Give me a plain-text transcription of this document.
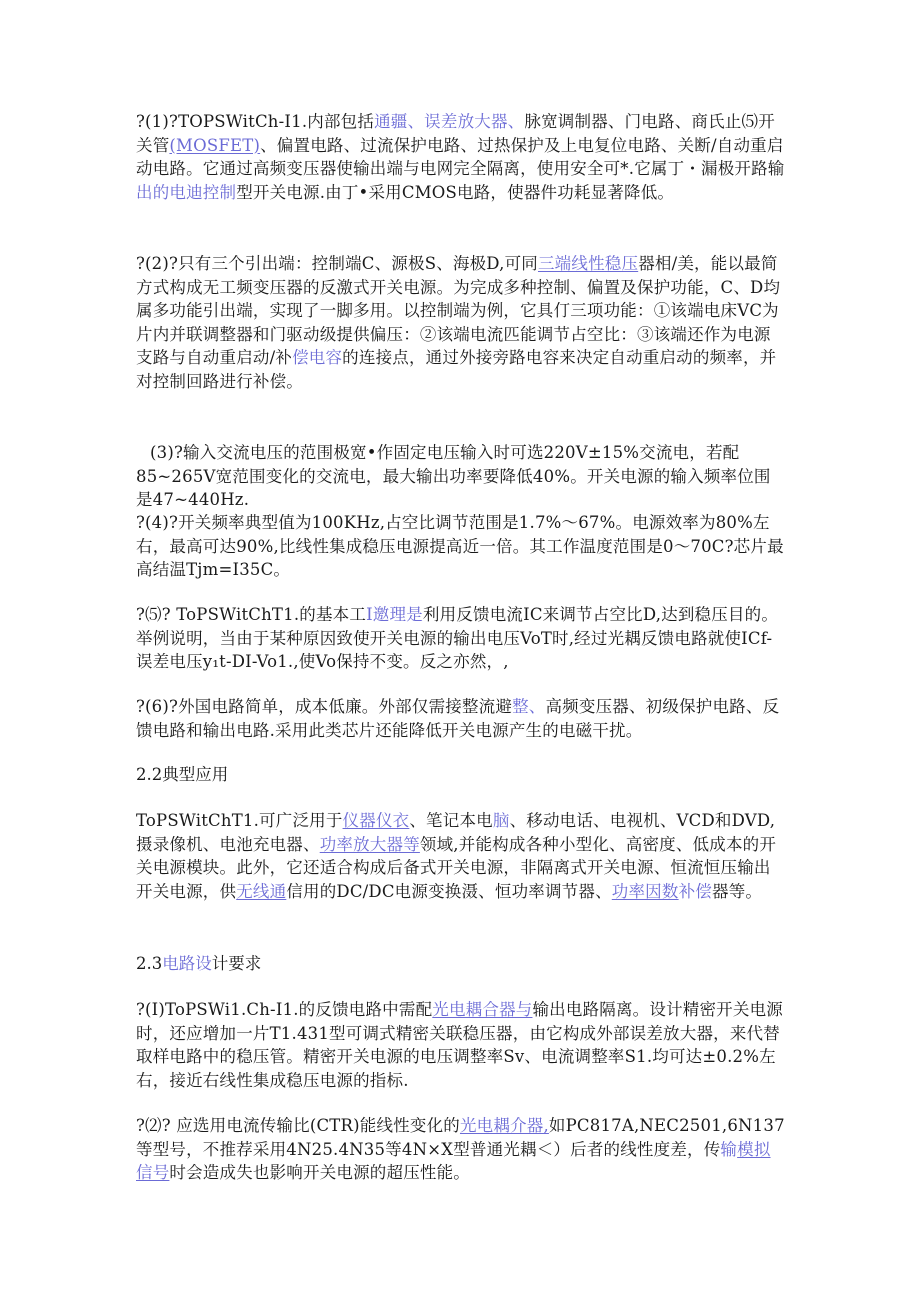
?(1)?TOPSWitCh-I1.内部包括通疆、误差放大器、脉宽调制器、门电路、商氏止⑸开关管(MOSFET)、偏置电路、过流保护电路、过热保护及上电复位电路、关断/自动重启动电路。它通过高频变压器使输出端与电网完全隔离，使用安全可*.它属丁・漏极开路输出的电迪控制型开关电源.由丁•采用CMOS电路，使器件功耗显著降低。

?(2)?只有三个引出端：控制端C、源极S、海极D,可同三端线性稳压器相/美，能以最简方式构成无工频变压器的反激式开关电源。为完成多种控制、偏置及保护功能，C、D均属多功能引出端，实现了一脚多用。以控制端为例，它具仃三项功能：①该端电床VC为片内并联调整器和门驱动级提供偏压：②该端电流匹能调节占空比：③该端还作为电源支路与自动重启动/补偿电容的连接点，通过外接旁路电容来决定自动重启动的频率，并对控制回路进行补偿。

(3)?输入交流电压的范围极宽•作固定电压输入时可选220V±15%交流电，若配85~265V宽范围变化的交流电，最大输出功率要降低40%。开关电源的输入频率位围是47~440Hz.

?(4)?开关频率典型值为100KHz,占空比调节范围是1.7%～67%。电源效率为80%左右，最高可达90%,比线性集成稳压电源提高近一倍。其工作温度范围是0～70C?芯片最高结温Tjm=I35C。

?⑸? ToPSWitChT1.的基本工I邀理是利用反馈电流IC来调节占空比D,达到稳压目的。举例说明，当由于某种原因致使开关电源的输出电压VoT时,经过光耦反馈电路就使ICf-误差电压y₁t-DI-Vo1.,使Vo保持不变。反之亦然，,

?(6)?外国电路简单，成本低廉。外部仅需接整流避整、高频变压器、初级保护电路、反馈电路和输出电路.采用此类芯片还能降低开关电源产生的电磁干扰。

2.2典型应用

ToPSWitChT1.可广泛用于仪器仪衣、笔记本电脑、移动电话、电视机、VCD和DVD,摄录像机、电池充电器、功率放大器等领域,并能构成各种小型化、高密度、低成本的开关电源模块。此外，它还适合构成后备式开关电源，非隔离式开关电源、恒流恒压输出开关电源，供无线通信用的DC/DC电源变换滠、恒功率调节器、功率因数补偿器等。

2.3电路设计要求

?(I)ToPSWi1.Ch-I1.的反馈电路中需配光电耦合器与输出电路隔离。设计精密开关电源时，还应增加一片T1.431型可调式精密关联稳压器，由它构成外部误差放大器，来代替取样电路中的稳压管。精密开关电源的电压调整率Sv、电流调整率S1.均可达±0.2%左右，接近右线性集成稳压电源的指标.

?⑵? 应选用电流传输比(CTR)能线性变化的光电耦介器,如PC817A,NEC2501,6N137等型号，不推荐采用4N25.4N35等4N×X型普通光耦＜）后者的线性度差，传输模拟信号时会造成失也影响开关电源的超压性能。
